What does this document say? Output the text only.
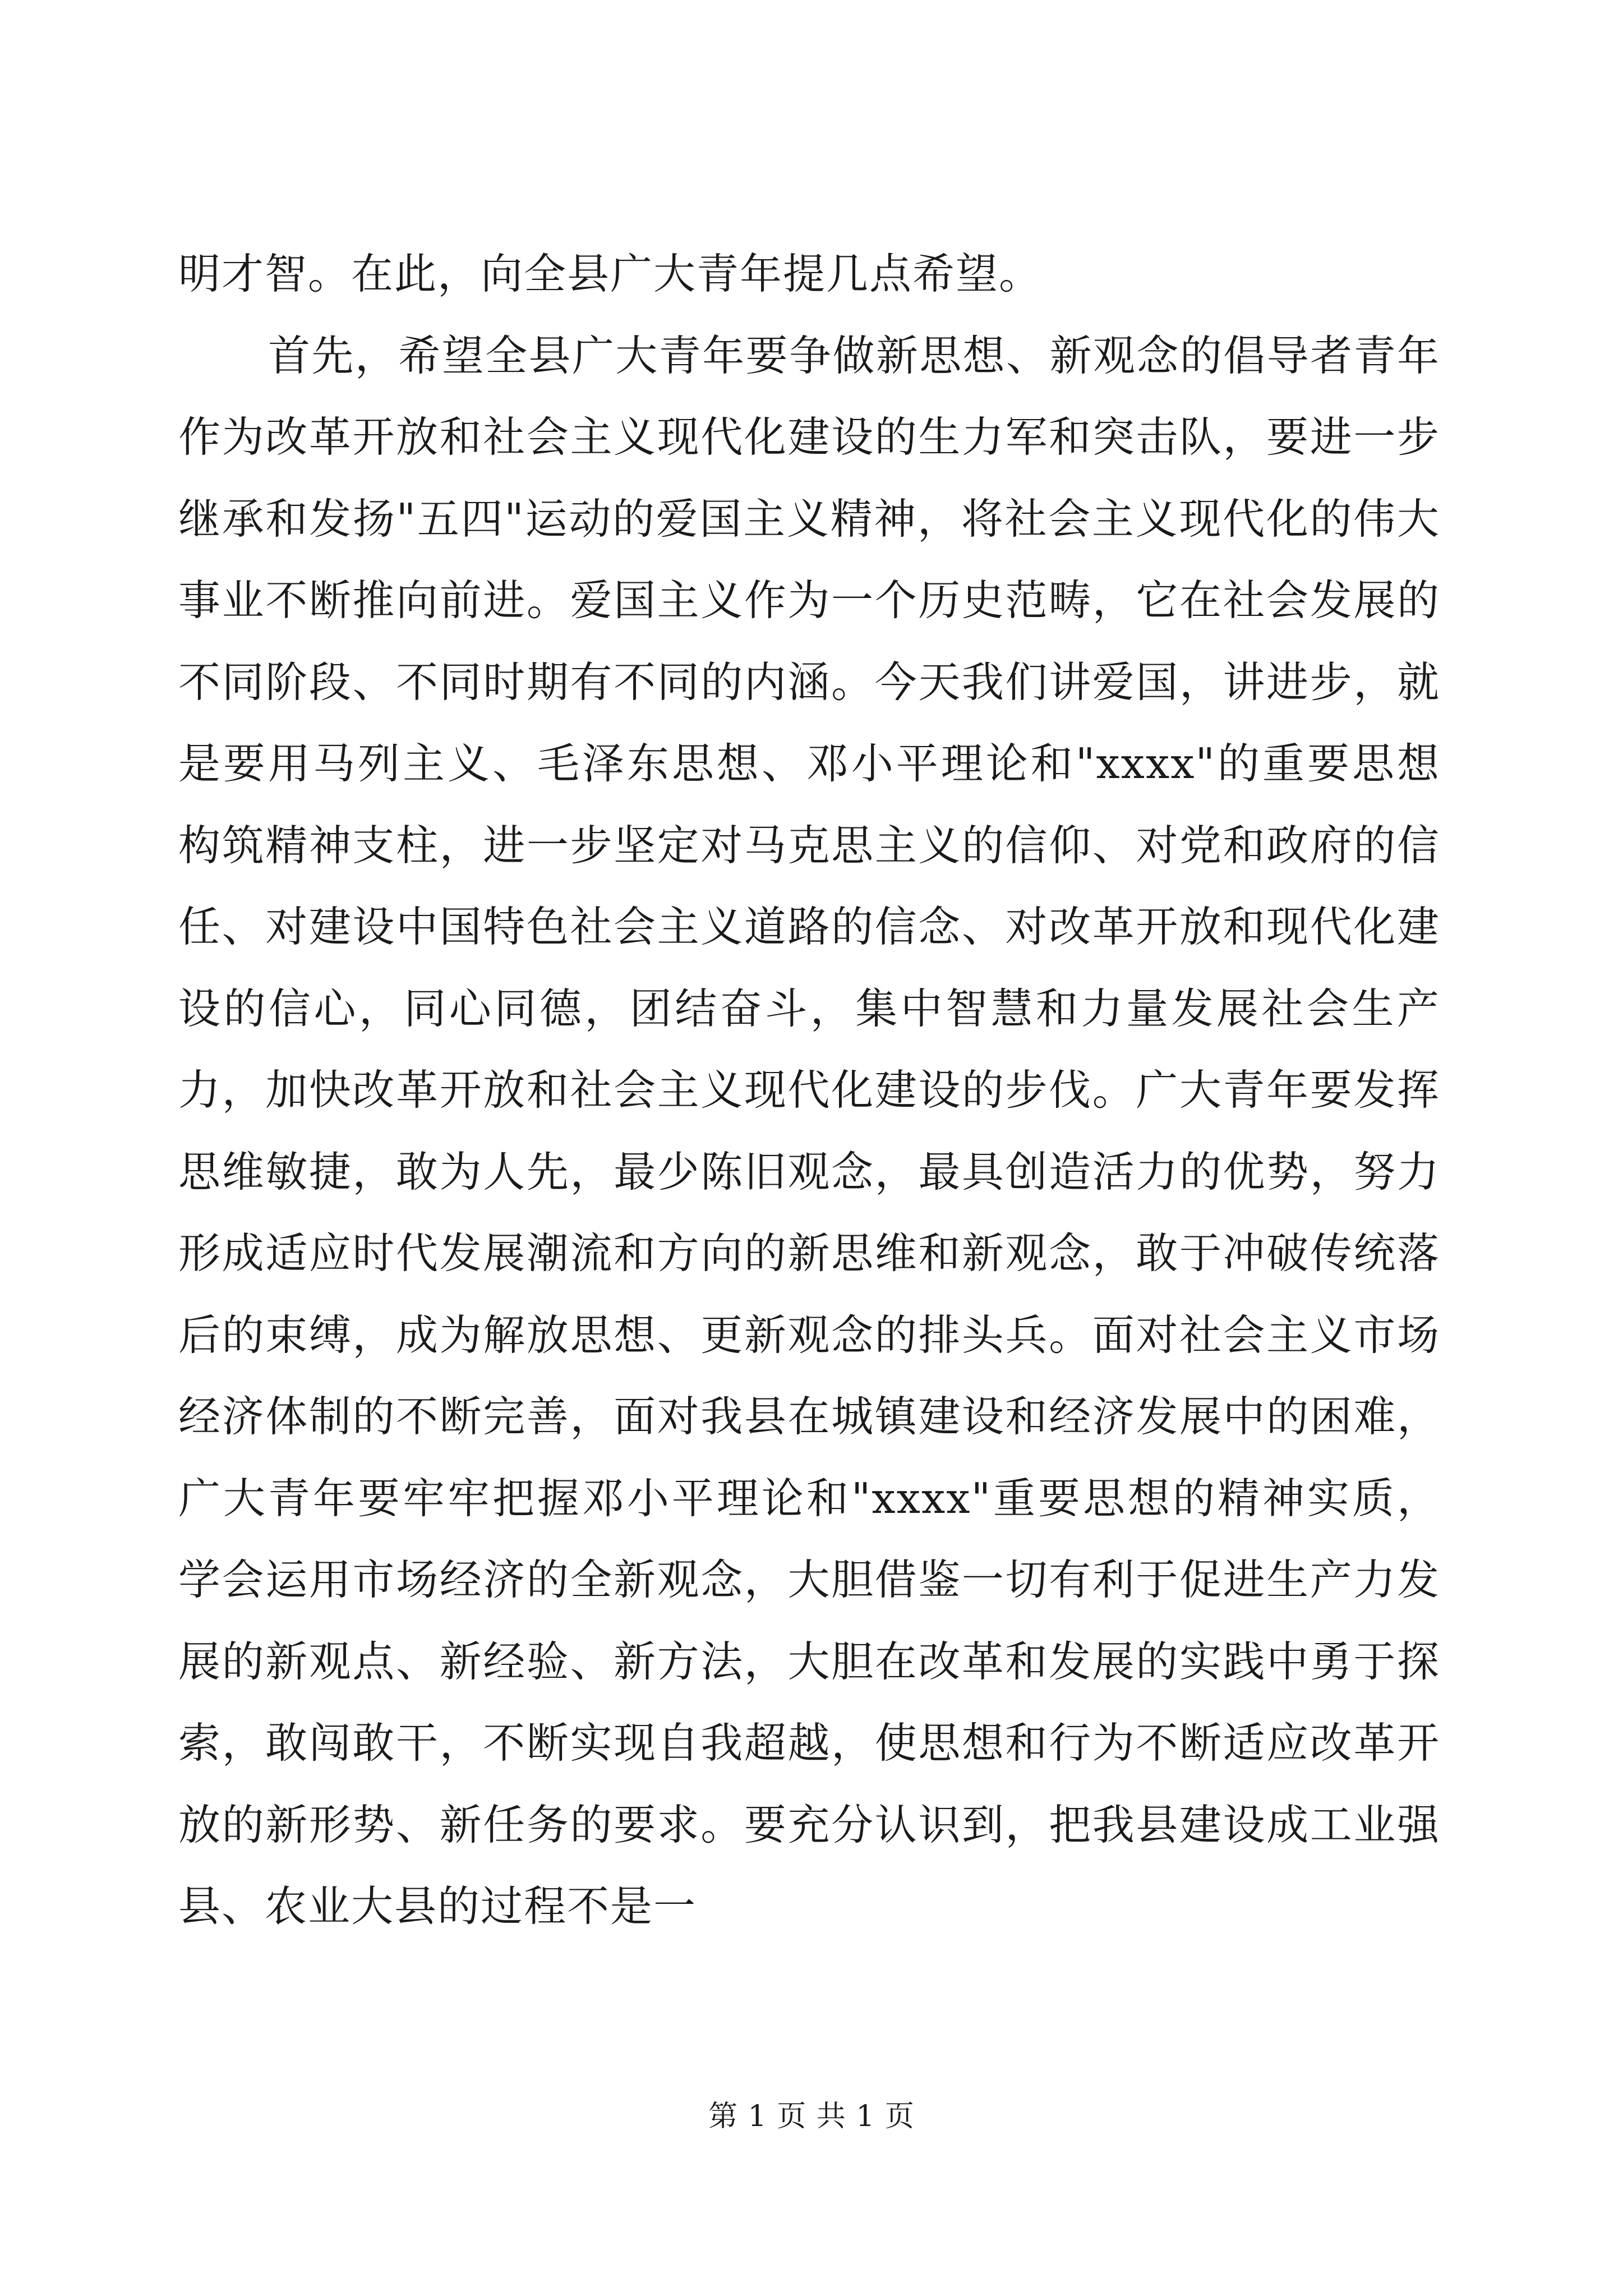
明才智。在此，向全县广大青年提几点希望。

首先，希望全县广大青年要争做新思想、新观念的倡导者青年作为改革开放和社会主义现代化建设的生力军和突击队，要进一步继承和发扬"五四"运动的爱国主义精神，将社会主义现代化的伟大事业不断推向前进。爱国主义作为一个历史范畴，它在社会发展的不同阶段、不同时期有不同的内涵。今天我们讲爱国，讲进步，就是要用马列主义、毛泽东思想、邓小平理论和"xxxx"的重要思想构筑精神支柱，进一步坚定对马克思主义的信仰、对党和政府的信任、对建设中国特色社会主义道路的信念、对改革开放和现代化建设的信心，同心同德，团结奋斗，集中智慧和力量发展社会生产力，加快改革开放和社会主义现代化建设的步伐。广大青年要发挥思维敏捷，敢为人先，最少陈旧观念，最具创造活力的优势，努力形成适应时代发展潮流和方向的新思维和新观念，敢于冲破传统落后的束缚，成为解放思想、更新观念的排头兵。面对社会主义市场经济体制的不断完善，面对我县在城镇建设和经济发展中的困难，广大青年要牢牢把握邓小平理论和"xxxx"重要思想的精神实质，学会运用市场经济的全新观念，大胆借鉴一切有利于促进生产力发展的新观点、新经验、新方法，大胆在改革和发展的实践中勇于探索，敢闯敢干，不断实现自我超越，使思想和行为不断适应改革开放的新形势、新任务的要求。要充分认识到，把我县建设成工业强县、农业大县的过程不是一

第 1 页 共 1 页
